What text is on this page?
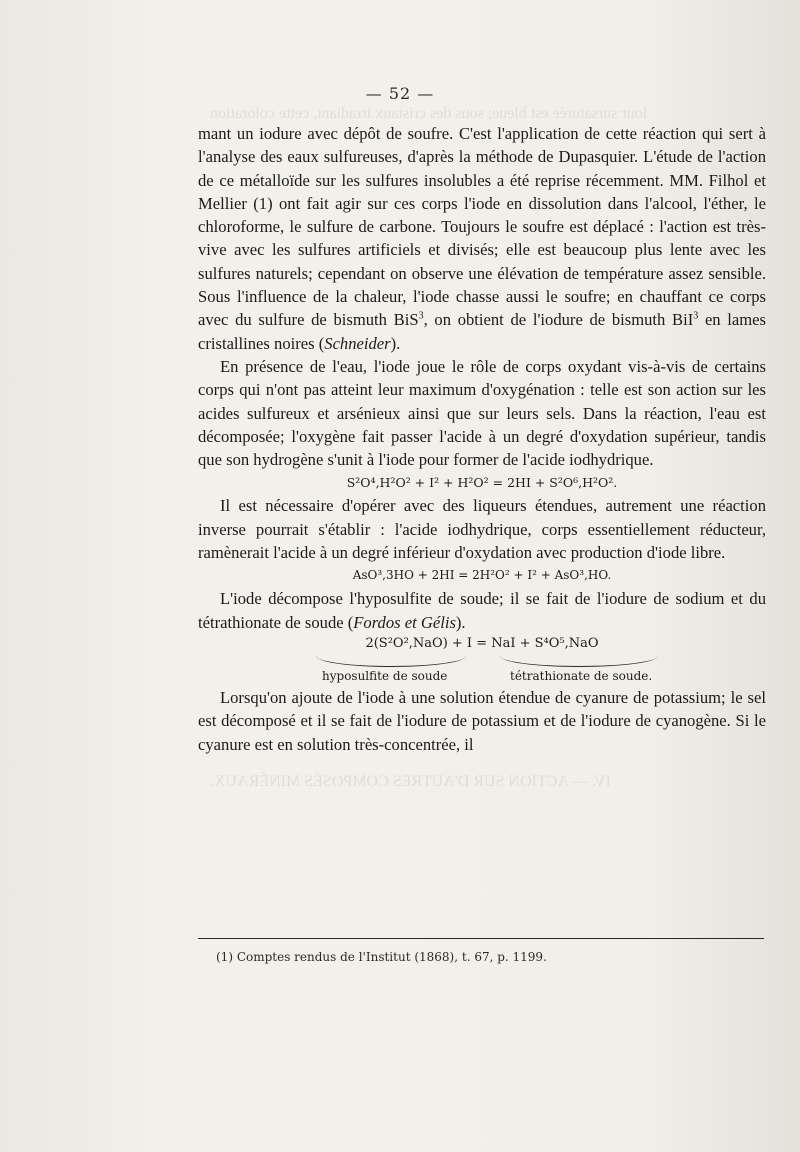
lour sursaturée est bleue; sous des cristaux irradiant, cette coloration
IV. — ACTION SUR D'AUTRES COMPOSÉS MINÉRAUX.
— 52 —

mant un iodure avec dépôt de soufre. C'est l'application de cette réaction qui sert à l'analyse des eaux sulfureuses, d'après la méthode de Dupasquier. L'étude de l'action de ce métalloïde sur les sulfures insolubles a été reprise récemment. MM. Filhol et Mellier (1) ont fait agir sur ces corps l'iode en dissolution dans l'alcool, l'éther, le chloroforme, le sulfure de carbone. Toujours le soufre est déplacé : l'action est très-vive avec les sulfures artificiels et divisés; elle est beaucoup plus lente avec les sulfures naturels; cependant on observe une élévation de température assez sensible. Sous l'influence de la chaleur, l'iode chasse aussi le soufre; en chauffant ce corps avec du sulfure de bismuth BiS$^3$, on obtient de l'iodure de bismuth BiI$^3$ en lames cristallines noires (Schneider).

En présence de l'eau, l'iode joue le rôle de corps oxydant vis-à-vis de certains corps qui n'ont pas atteint leur maximum d'oxygénation : telle est son action sur les acides sulfureux et arsénieux ainsi que sur leurs sels. Dans la réaction, l'eau est décomposée; l'oxygène fait passer l'acide à un degré d'oxydation supérieur, tandis que son hydrogène s'unit à l'iode pour former de l'acide iodhydrique.

S²O⁴,H²O² + I² + H²O² = 2HI + S²O⁶,H²O².

Il est nécessaire d'opérer avec des liqueurs étendues, autrement une réaction inverse pourrait s'établir : l'acide iodhydrique, corps essentiellement réducteur, ramènerait l'acide à un degré inférieur d'oxydation avec production d'iode libre.

AsO³,3HO + 2HI = 2H²O² + I² + AsO³,HO.

L'iode décompose l'hyposulfite de soude; il se fait de l'iodure de sodium et du tétrathionate de soude (Fordos et Gélis).

2(S²O²,NaO) + I = NaI + S⁴O⁵,NaO
hyposulfite de soude	tétrathionate de soude.

Lorsqu'on ajoute de l'iode à une solution étendue de cyanure de potassium; le sel est décomposé et il se fait de l'iodure de potassium et de l'iodure de cyanogène. Si le cyanure est en solution très-concentrée, il

(1) Comptes rendus de l'Institut (1868), t. 67, p. 1199.
